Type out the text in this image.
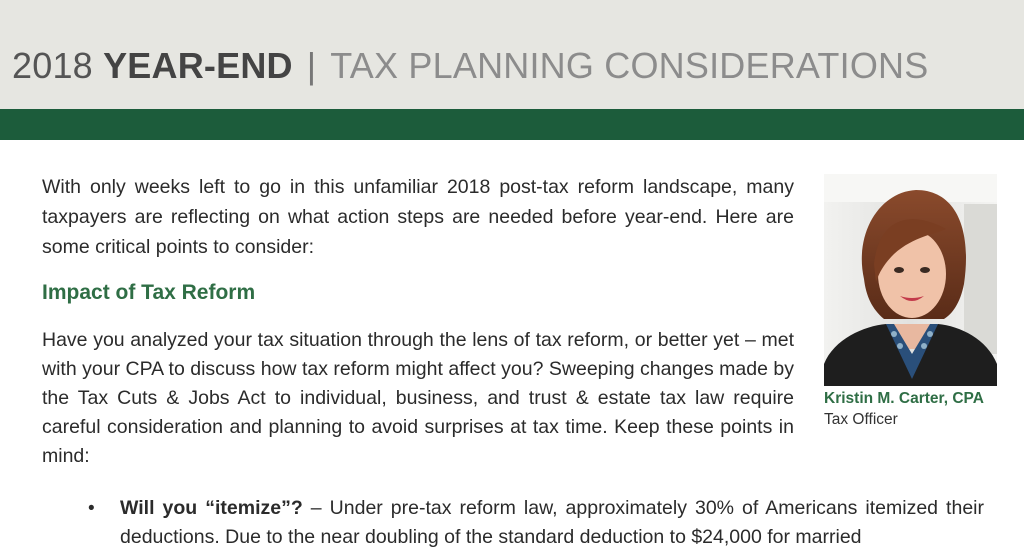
2018 YEAR-END | TAX PLANNING CONSIDERATIONS

With only weeks left to go in this unfamiliar 2018 post-tax reform landscape, many taxpayers are reflecting on what action steps are needed before year-end. Here are some critical points to consider:

Impact of Tax Reform

Have you analyzed your tax situation through the lens of tax reform, or better yet – met with your CPA to discuss how tax reform might affect you? Sweeping changes made by the Tax Cuts & Jobs Act to individual, business, and trust & estate tax law require careful consideration and planning to avoid surprises at tax time. Keep these points in mind:

• Will you “itemize”? – Under pre-tax reform law, approximately 30% of Americans itemized their deductions. Due to the near doubling of the standard deduction to $24,000 for married

Kristin M. Carter, CPA

Tax Officer
